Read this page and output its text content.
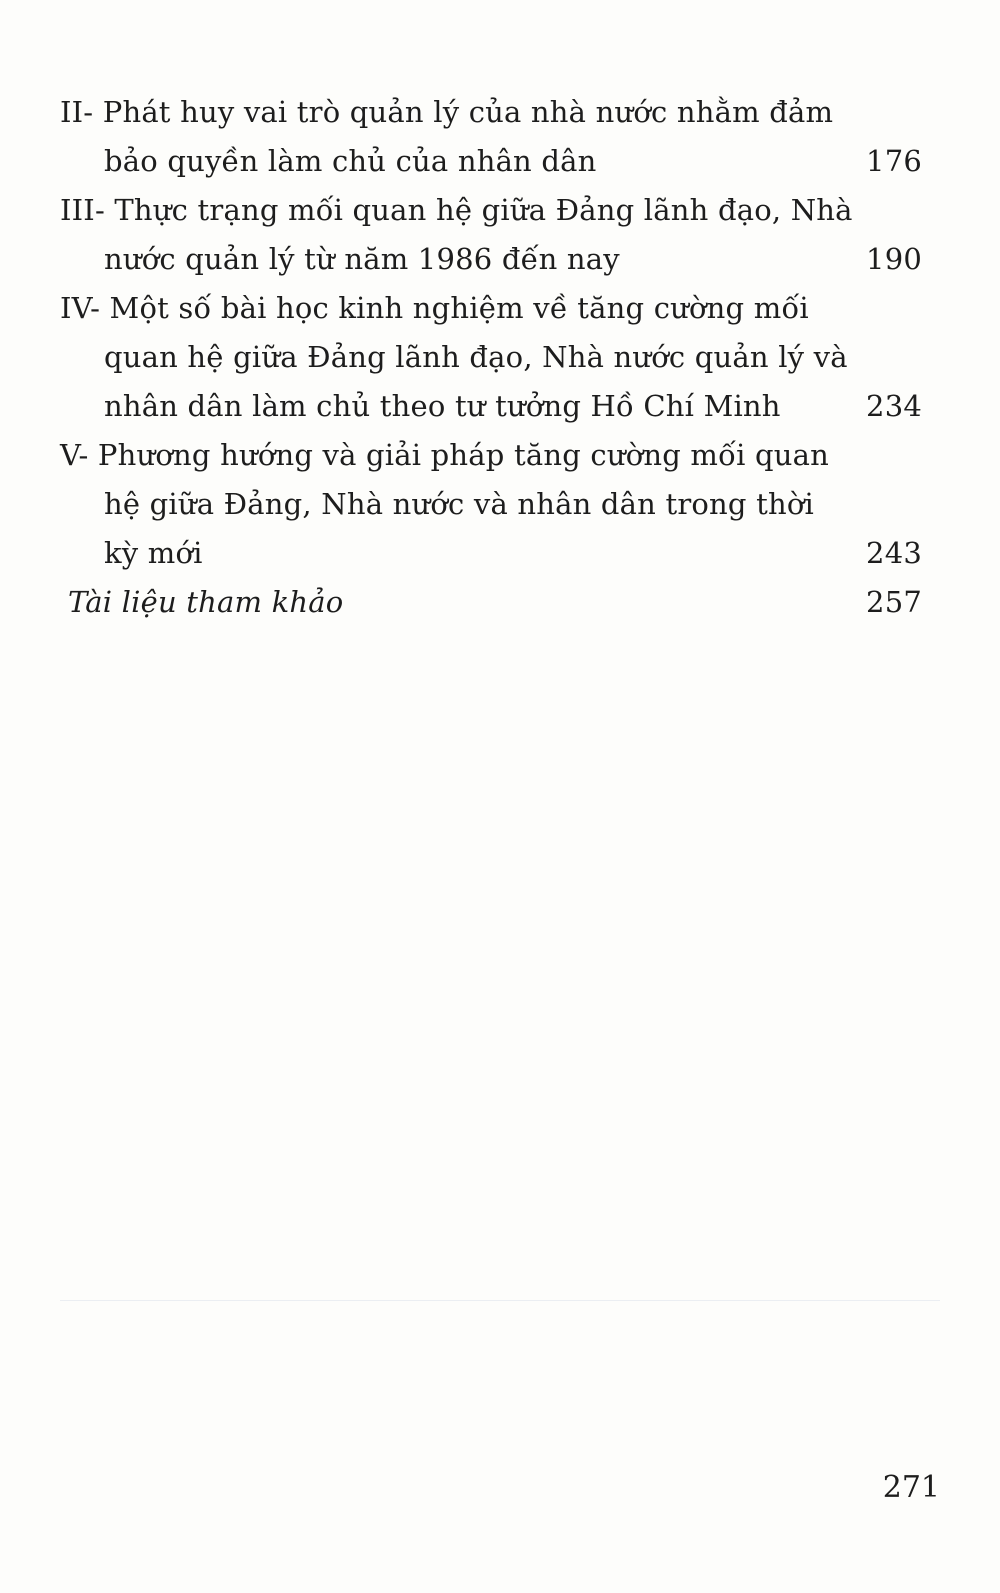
II- Phát huy vai trò quản lý của nhà nước nhằm đảm
bảo quyền làm chủ của nhân dân	176
III- Thực trạng mối quan hệ giữa Đảng lãnh đạo, Nhà
nước quản lý từ năm 1986 đến nay	190
IV- Một số bài học kinh nghiệm về tăng cường mối
quan hệ giữa Đảng lãnh đạo, Nhà nước quản lý và
nhân dân làm chủ theo tư tưởng Hồ Chí Minh	234
V- Phương hướng và giải pháp tăng cường mối quan
hệ giữa Đảng, Nhà nước và nhân dân trong thời
kỳ mới	243
Tài liệu tham khảo	257
271
